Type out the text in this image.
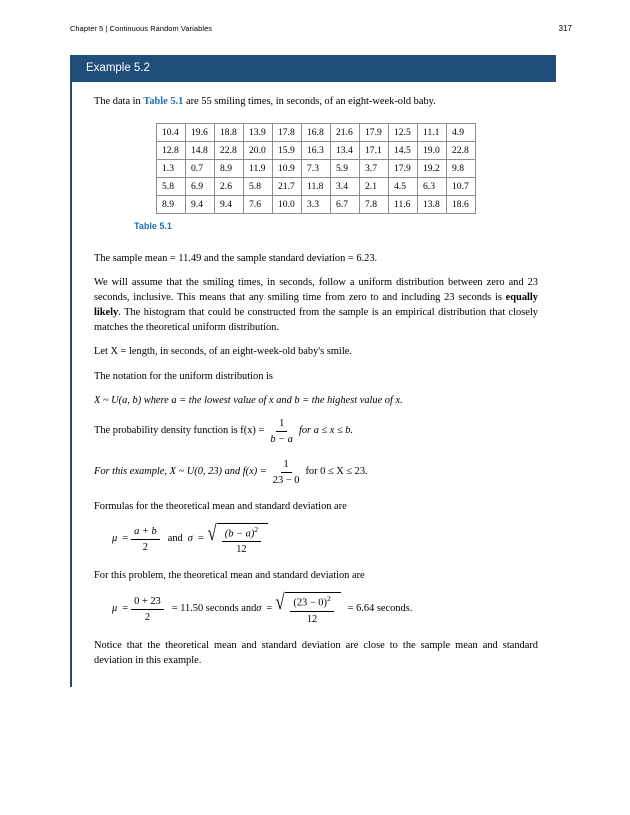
Chapter 5 | Continuous Random Variables	317
Example 5.2

The data in Table 5.1 are 55 smiling times, in seconds, of an eight-week-old baby.

10.4	19.6	18.8	13.9	17.8	16.8	21.6	17.9	12.5	11.1	4.9
12.8	14.8	22.8	20.0	15.9	16.3	13.4	17.1	14.5	19.0	22.8
1.3	0.7	8.9	11.9	10.9	7.3	5.9	3.7	17.9	19.2	9.8
5.8	6.9	2.6	5.8	21.7	11.8	3.4	2.1	4.5	6.3	10.7
8.9	9.4	9.4	7.6	10.0	3.3	6.7	7.8	11.6	13.8	18.6
Table 5.1

The sample mean = 11.49 and the sample standard deviation = 6.23.

We will assume that the smiling times, in seconds, follow a uniform distribution between zero and 23 seconds, inclusive. This means that any smiling time from zero to and including 23 seconds is equally likely. The histogram that could be constructed from the sample is an empirical distribution that closely matches the theoretical uniform distribution.

Let X = length, in seconds, of an eight-week-old baby's smile.

The notation for the uniform distribution is

X ~ U(a, b) where a = the lowest value of x and b = the highest value of x.

The probability density function is $f(x) = \frac{1}{b - a}$ for a ≤ x ≤ b.
For this example, X ~ U(0, 23) and $f(x) = \frac{1}{23 - 0}$ for 0 ≤ X ≤ 23.

Formulas for the theoretical mean and standard deviation are

$\mu = \frac{a + b}{2}$ and σ = √ $\frac{(b - a)^2}{12}$

For this problem, the theoretical mean and standard deviation are

$\mu = \frac{0 + 23}{2} = 11.50$ seconds and σ = √ $\frac{(23 - 0)^2}{12} = 6.64$ seconds.

Notice that the theoretical mean and standard deviation are close to the sample mean and standard deviation in this example.
